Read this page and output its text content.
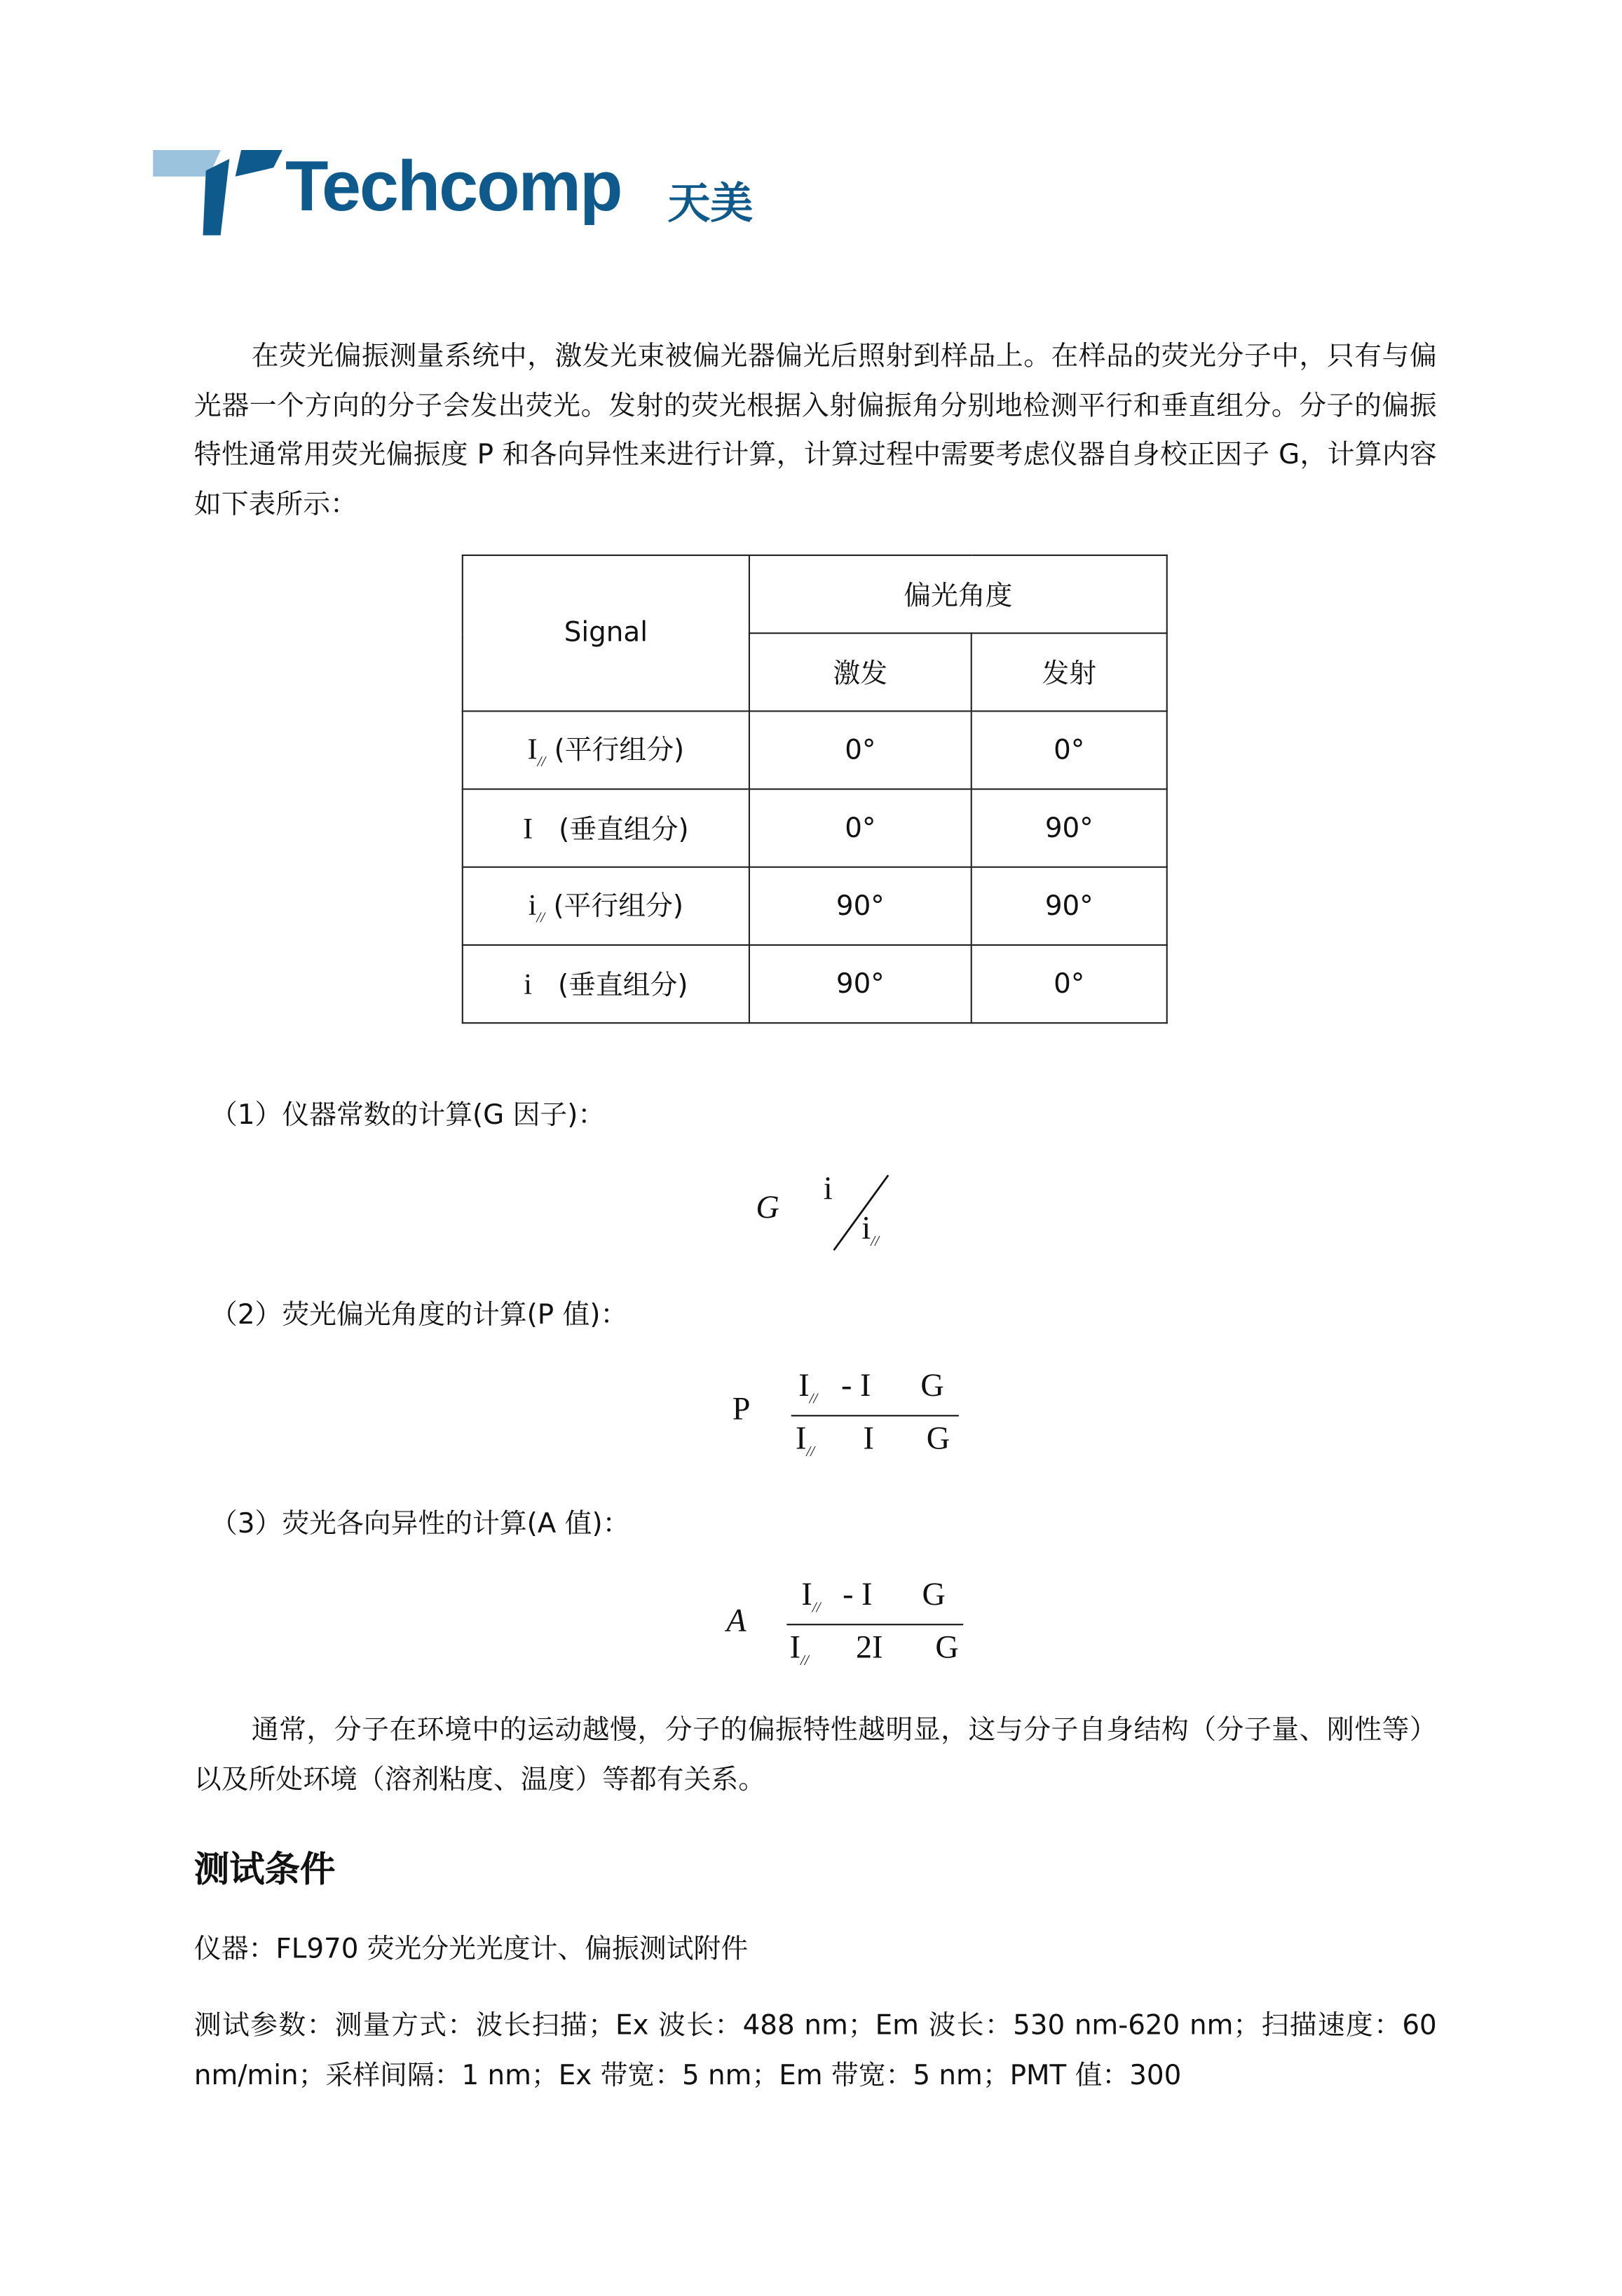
Techcomp 天美

在荧光偏振测量系统中，激发光束被偏光器偏光后照射到样品上。在样品的荧光分子中，只有与偏光器一个方向的分子会发出荧光。发射的荧光根据入射偏振角分别地检测平行和垂直组分。分子的偏振特性通常用荧光偏振度 P 和各向异性来进行计算，计算过程中需要考虑仪器自身校正因子 G，计算内容如下表所示：

Signal	偏光角度	
	激发	发射
$I_{//}$ (平行组分)	0°	0°
I (垂直组分)	0°	90°
$i_{//}$ (平行组分)	90°	90°
i (垂直组分)	90°	0°
（1）仪器常数的计算(G 因子)：
G
i
$i_{//}$
（2）荧光偏光角度的计算(P 值)：
P
$I_{//}$ - I	G
$I_{//}$	I	G
（3）荧光各向异性的计算(A 值)：
A
$I_{//}$ - I	G
$I_{//}$	2I	G

通常，分子在环境中的运动越慢，分子的偏振特性越明显，这与分子自身结构（分子量、刚性等）以及所处环境（溶剂粘度、温度）等都有关系。

测试条件

仪器：FL970 荧光分光光度计、偏振测试附件

测试参数：测量方式：波长扫描；Ex 波长：488 nm；Em 波长：530 nm-620 nm；扫描速度：60 nm/min；采样间隔：1 nm；Ex 带宽：5 nm；Em 带宽：5 nm；PMT 值：300
